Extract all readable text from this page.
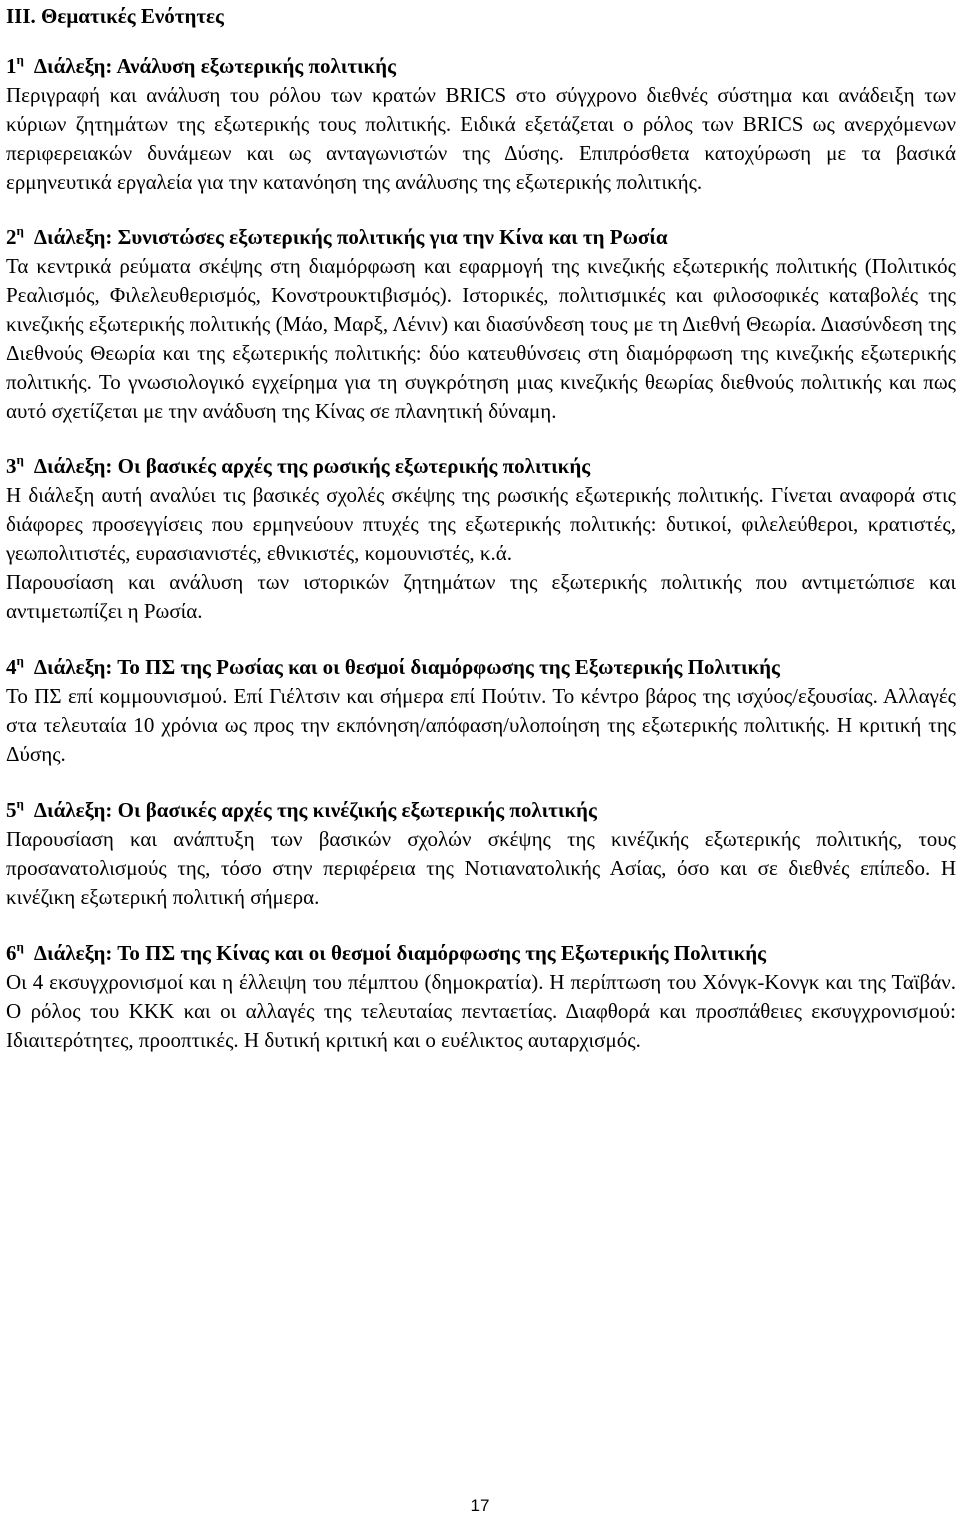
ΙΙΙ. Θεματικές Ενότητες
$1^\eta$ Διάλεξη: Ανάλυση εξωτερικής πολιτικής

Περιγραφή και ανάλυση του ρόλου των κρατών BRICS στο σύγχρονο διεθνές σύστημα και ανάδειξη των κύριων ζητημάτων της εξωτερικής τους πολιτικής. Ειδικά εξετάζεται ο ρόλος των BRICS ως ανερχόμενων περιφερειακών δυνάμεων και ως ανταγωνιστών της Δύσης. Επιπρόσθετα κατοχύρωση με τα βασικά ερμηνευτικά εργαλεία για την κατανόηση της ανάλυσης της εξωτερικής πολιτικής.

$2^\eta$ Διάλεξη: Συνιστώσες εξωτερικής πολιτικής για την Κίνα και τη Ρωσία

Τα κεντρικά ρεύματα σκέψης στη διαμόρφωση και εφαρμογή της κινεζικής εξωτερικής πολιτικής (Πολιτικός Ρεαλισμός, Φιλελευθερισμός, Κονστρουκτιβισμός). Ιστορικές, πολιτισμικές και φιλοσοφικές καταβολές της κινεζικής εξωτερικής πολιτικής (Μάο, Μαρξ, Λένιν) και διασύνδεση τους με τη Διεθνή Θεωρία. Διασύνδεση της Διεθνούς Θεωρία και της εξωτερικής πολιτικής: δύο κατευθύνσεις στη διαμόρφωση της κινεζικής εξωτερικής πολιτικής. Το γνωσιολογικό εγχείρημα για τη συγκρότηση μιας κινεζικής θεωρίας διεθνούς πολιτικής και πως αυτό σχετίζεται με την ανάδυση της Κίνας σε πλανητική δύναμη.

$3^\eta$ Διάλεξη: Οι βασικές αρχές της ρωσικής εξωτερικής πολιτικής

Η διάλεξη αυτή αναλύει τις βασικές σχολές σκέψης της ρωσικής εξωτερικής πολιτικής. Γίνεται αναφορά στις διάφορες προσεγγίσεις που ερμηνεύουν πτυχές της εξωτερικής πολιτικής: δυτικοί, φιλελεύθεροι, κρατιστές, γεωπολιτιστές, ευρασιανιστές, εθνικιστές, κομουνιστές, κ.ά.

Παρουσίαση και ανάλυση των ιστορικών ζητημάτων της εξωτερικής πολιτικής που αντιμετώπισε και αντιμετωπίζει η Ρωσία.

$4^\eta$ Διάλεξη: Το ΠΣ της Ρωσίας και οι θεσμοί διαμόρφωσης της Εξωτερικής Πολιτικής

Το ΠΣ επί κομμουνισμού. Επί Γιέλτσιν και σήμερα επί Πούτιν. Το κέντρο βάρος της ισχύος/εξουσίας. Αλλαγές στα τελευταία 10 χρόνια ως προς την εκπόνηση/απόφαση/υλοποίηση της εξωτερικής πολιτικής. Η κριτική της Δύσης.

$5^\eta$ Διάλεξη: Οι βασικές αρχές της κινέζικής εξωτερικής πολιτικής

Παρουσίαση και ανάπτυξη των βασικών σχολών σκέψης της κινέζικής εξωτερικής πολιτικής, τους προσανατολισμούς της, τόσο στην περιφέρεια της Νοτιανατολικής Ασίας, όσο και σε διεθνές επίπεδο. Η κινέζικη εξωτερική πολιτική σήμερα.

$6^\eta$ Διάλεξη: Το ΠΣ της Κίνας και οι θεσμοί διαμόρφωσης της Εξωτερικής Πολιτικής

Οι 4 εκσυγχρονισμοί και η έλλειψη του πέμπτου (δημοκρατία). Η περίπτωση του Χόνγκ-Κονγκ και της Ταϊβάν. Ο ρόλος του ΚΚΚ και οι αλλαγές της τελευταίας πενταετίας. Διαφθορά και προσπάθειες εκσυγχρονισμού: Ιδιαιτερότητες, προοπτικές. Η δυτική κριτική και ο ευέλικτος αυταρχισμός.

17
